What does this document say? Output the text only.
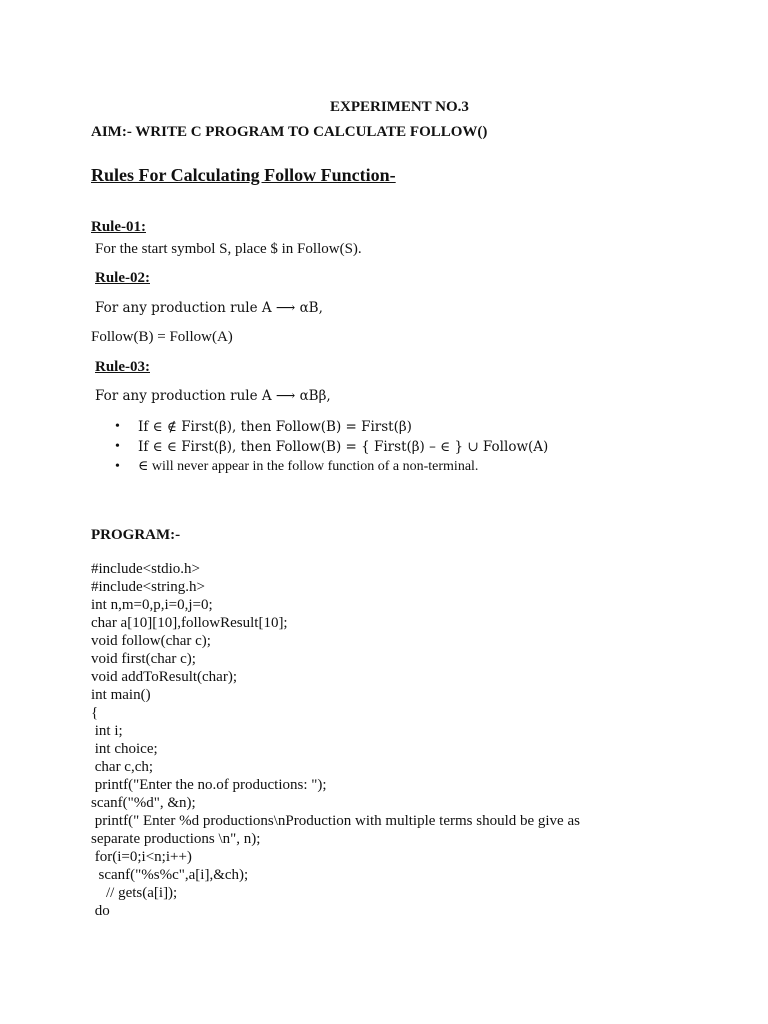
EXPERIMENT NO.3
AIM:- WRITE C PROGRAM TO CALCULATE FOLLOW()
Rules For Calculating Follow Function-
Rule-01:
For the start symbol S, place $ in Follow(S).
Rule-02:
For any production rule A ⟶ αB,
Follow(B) = Follow(A)
Rule-03:
For any production rule A ⟶ αBβ,
• If ∈ ∉ First(β), then Follow(B) = First(β)
• If ∈ ∈ First(β), then Follow(B) = { First(β) – ∈ } ∪ Follow(A)
• ∈ will never appear in the follow function of a non-terminal.
PROGRAM:-
#include<stdio.h>
#include<string.h>
int n,m=0,p,i=0,j=0;
char a[10][10],followResult[10];
void follow(char c);
void first(char c);
void addToResult(char);
int main()
{
int i;
int choice;
char c,ch;
printf("Enter the no.of productions: ");
scanf("%d", &n);
printf(" Enter %d productions\nProduction with multiple terms should be give as
separate productions \n", n);
for(i=0;i<n;i++)
scanf("%s%c",a[i],&ch);
// gets(a[i]);
do
